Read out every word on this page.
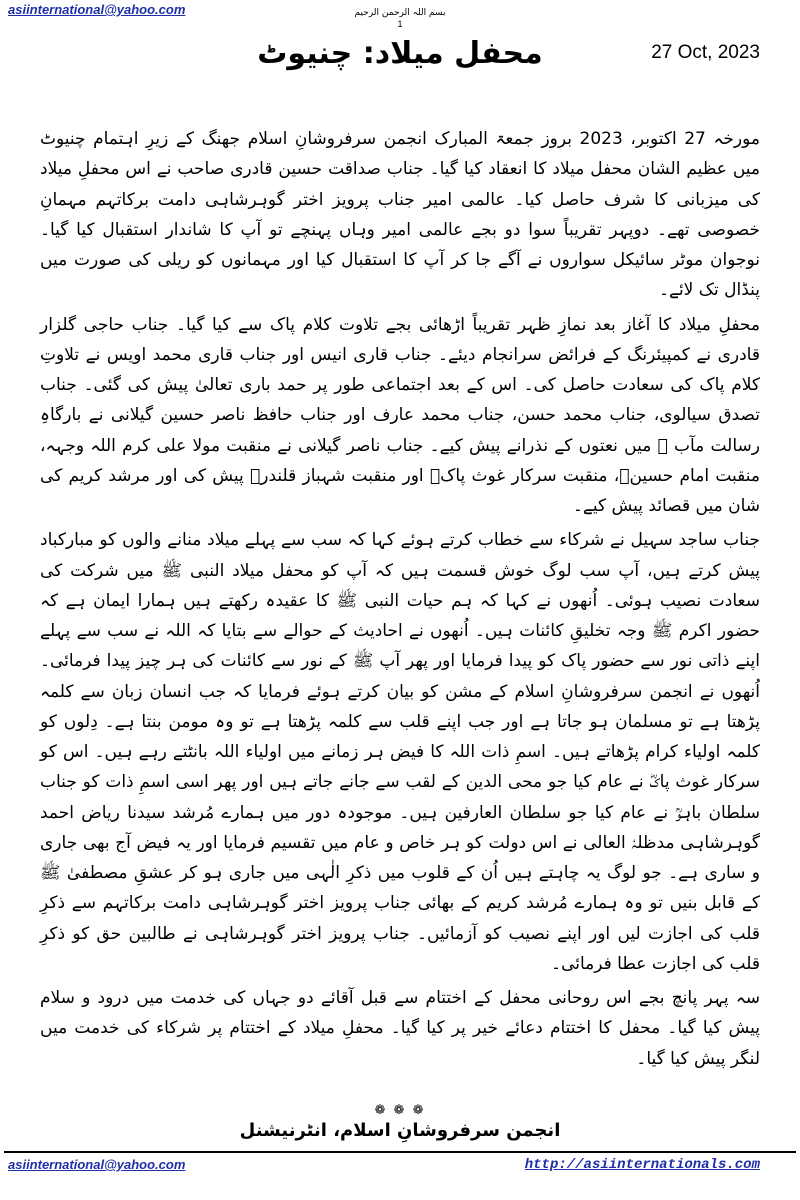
asiinternational@yahoo.com	بسم اللہ الرحمن الرحیم
1
27 Oct, 2023
محفل میلاد: چنیوٹ

مورخہ 27 اکتوبر، 2023 بروز جمعۃ المبارک انجمن سرفروشانِ اسلام جھنگ کے زیرِ اہتمام چنیوٹ میں عظیم الشان محفل میلاد کا انعقاد کیا گیا۔ جناب صداقت حسین قادری صاحب نے اس محفلِ میلاد کی میزبانی کا شرف حاصل کیا۔ عالمی امیر جناب پرویز اختر گوہرشاہی دامت برکاتہم مہمانِ خصوصی تھے۔ دوپہر تقریباً سوا دو بجے عالمی امیر وہاں پہنچے تو آپ کا شاندار استقبال کیا گیا۔ نوجوان موٹر سائیکل سواروں نے آگے جا کر آپ کا استقبال کیا اور مہمانوں کو ریلی کی صورت میں پنڈال تک لائے۔

محفلِ میلاد کا آغاز بعد نمازِ ظہر تقریباً اڑھائی بجے تلاوت کلام پاک سے کیا گیا۔ جناب حاجی گلزار قادری نے کمپیئرنگ کے فرائض سرانجام دیئے۔ جناب قاری انیس اور جناب قاری محمد اویس نے تلاوتِ کلام پاک کی سعادت حاصل کی۔ اس کے بعد اجتماعی طور پر حمد باری تعالیٰ پیش کی گئی۔ جناب تصدق سیالوی، جناب محمد حسن، جناب محمد عارف اور جناب حافظ ناصر حسین گیلانی نے بارگاہِ رسالت مآب ﷺ میں نعتوں کے نذرانے پیش کیے۔ جناب ناصر گیلانی نے منقبت مولا علی کرم اللہ وجہہ، منقبت امام حسینؑ، منقبت سرکار غوث پاکؓ اور منقبت شہباز قلندرؒ پیش کی اور مرشد کریم کی شان میں قصائد پیش کیے۔

جناب ساجد سہیل نے شرکاء سے خطاب کرتے ہوئے کہا کہ سب سے پہلے میلاد منانے والوں کو مبارکباد پیش کرتے ہیں، آپ سب لوگ خوش قسمت ہیں کہ آپ کو محفل میلاد النبی ﷺ میں شرکت کی سعادت نصیب ہوئی۔ اُنھوں نے کہا کہ ہم حیات النبی ﷺ کا عقیدہ رکھتے ہیں ہمارا ایمان ہے کہ حضور اکرم ﷺ وجہ تخلیقِ کائنات ہیں۔ اُنھوں نے احادیث کے حوالے سے بتایا کہ اللہ نے سب سے پہلے اپنے ذاتی نور سے حضور پاک کو پیدا فرمایا اور پھر آپ ﷺ کے نور سے کائنات کی ہر چیز پیدا فرمائی۔ اُنھوں نے انجمن سرفروشانِ اسلام کے مشن کو بیان کرتے ہوئے فرمایا کہ جب انسان زبان سے کلمہ پڑھتا ہے تو مسلمان ہو جاتا ہے اور جب اپنے قلب سے کلمہ پڑھتا ہے تو وہ مومن بنتا ہے۔ دِلوں کو کلمہ اولیاء کرام پڑھاتے ہیں۔ اسمِ ذات اللہ کا فیض ہر زمانے میں اولیاء اللہ بانٹتے رہے ہیں۔ اس کو سرکار غوث پاکؓ نے عام کیا جو محی الدین کے لقب سے جانے جاتے ہیں اور پھر اسی اسمِ ذات کو جناب سلطان باہوؒ نے عام کیا جو سلطان العارفین ہیں۔ موجودہ دور میں ہمارے مُرشد سیدنا ریاض احمد گوہرشاہی مدظلہٗ العالی نے اس دولت کو ہر خاص و عام میں تقسیم فرمایا اور یہ فیض آج بھی جاری و ساری ہے۔ جو لوگ یہ چاہتے ہیں اُن کے قلوب میں ذکرِ الٰہی میں جاری ہو کر عشقِ مصطفیٰ ﷺ کے قابل بنیں تو وہ ہمارے مُرشد کریم کے بھائی جناب پرویز اختر گوہرشاہی دامت برکاتہم سے ذکرِ قلب کی اجازت لیں اور اپنے نصیب کو آزمائیں۔ جناب پرویز اختر گوہرشاہی نے طالبین حق کو ذکرِ قلب کی اجازت عطا فرمائی۔

سہ پہر پانچ بجے اس روحانی محفل کے اختتام سے قبل آقائے دو جہاں کی خدمت میں درود و سلام پیش کیا گیا۔ محفل کا اختتام دعائے خیر پر کیا گیا۔ محفلِ میلاد کے اختتام پر شرکاء کی خدمت میں لنگر پیش کیا گیا۔

❁ ❁ ❁
انجمن سرفروشانِ اسلام، انٹرنیشنل
asiinternational@yahoo.com	http://asiinternationals.com
